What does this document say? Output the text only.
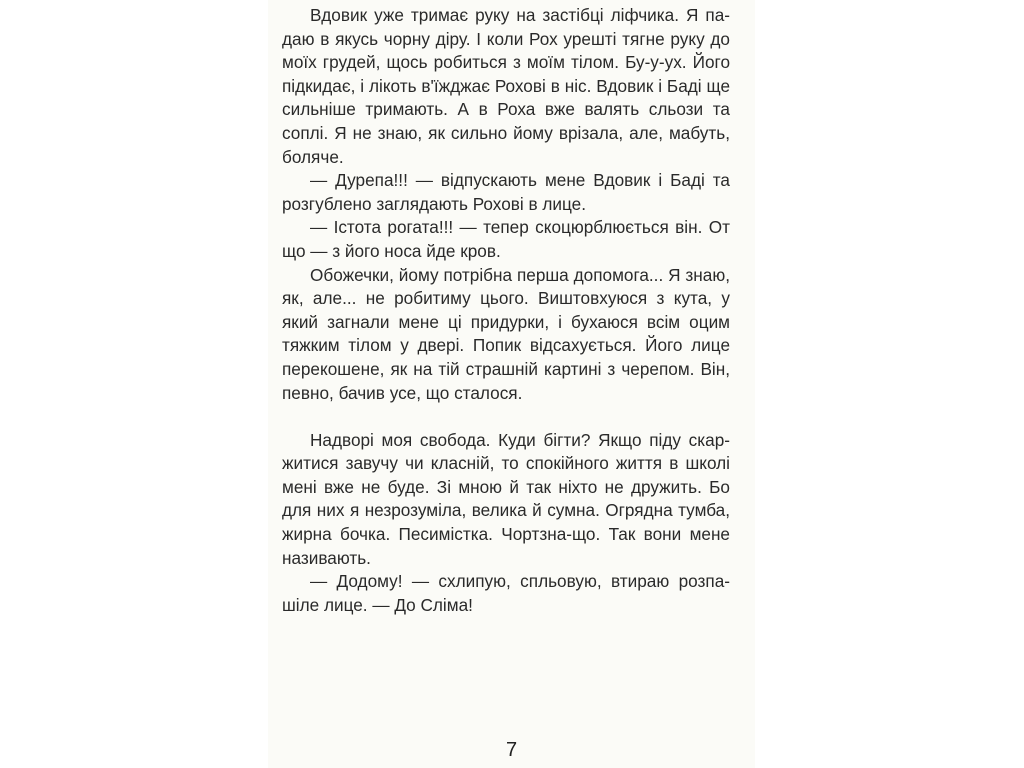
Вдовик уже тримає руку на застібці ліфчика. Я падаю в якусь чорну діру. І коли Рох урешті тягне руку до моїх грудей, щось робиться з моїм тілом. Бу-у-ух. Його підкидає, і лікоть в'їжджає Рохові в ніс. Вдовик і Баді ще сильніше тримають. А в Роха вже валять сльози та соплі. Я не знаю, як сильно йому врізала, але, мабуть, боляче.

— Дурепа!!! — відпускають мене Вдовик і Баді та розгублено заглядають Рохові в лице.

— Істота рогата!!! — тепер скоцюрблюється він. От що — з його носа йде кров.

Обожечки, йому потрібна перша допомога... Я знаю, як, але... не робитиму цього. Виштовхуюся з кута, у який загнали мене ці придурки, і бухаюся всім оцим тяжким тілом у двері. Попик відсахується. Його лице перекошене, як на тій страшній картині з черепом. Він, певно, бачив усе, що сталося.

Надворі моя свобода. Куди бігти? Якщо піду скаржитися завучу чи класній, то спокійного життя в школі мені вже не буде. Зі мною й так ніхто не дружить. Бо для них я незрозуміла, велика й сумна. Огрядна тумба, жирна бочка. Песимістка. Чортзна-що. Так вони мене називають.

— Додому! — схлипую, спльовую, втираю розпашіле лице. — До Сліма!

7
